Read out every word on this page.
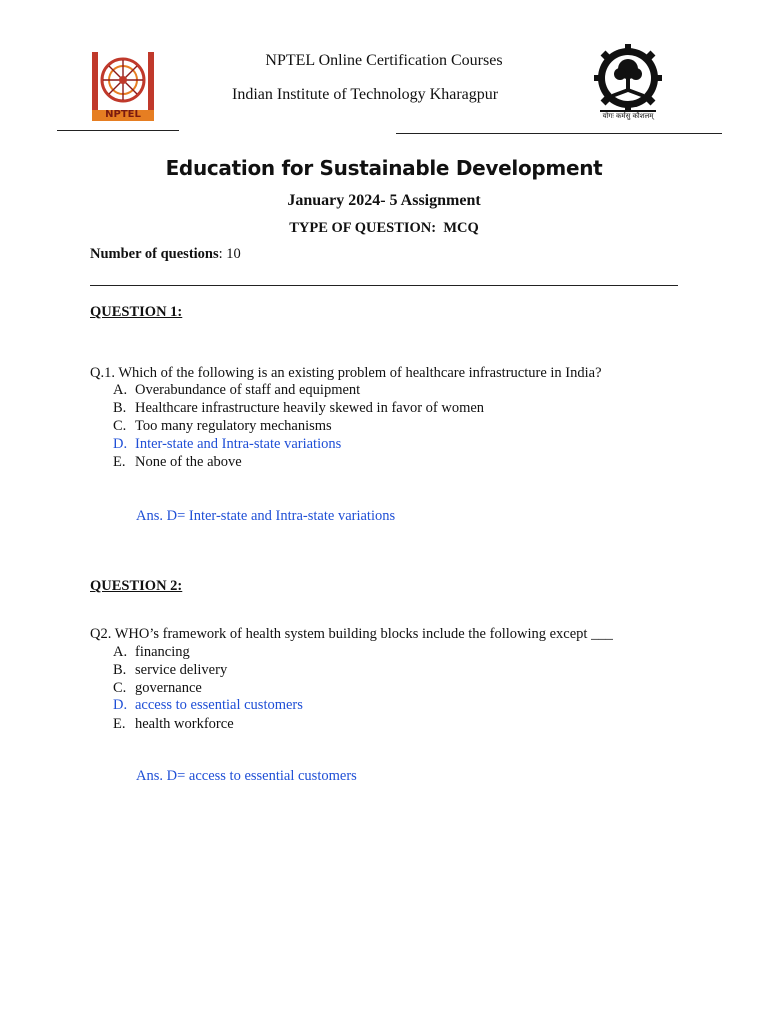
NPTEL
NPTEL Online Certification Courses
Indian Institute of Technology Kharagpur
योगः कर्मसु कौशलम्
Education for Sustainable Development
January 2024- 5 Assignment
TYPE OF QUESTION:  MCQ
Number of questions: 10
QUESTION 1:
Q.1. Which of the following is an existing problem of healthcare infrastructure in India?
A. Overabundance of staff and equipment
B. Healthcare infrastructure heavily skewed in favor of women
C. Too many regulatory mechanisms
D. Inter-state and Intra-state variations
E. None of the above
Ans. D= Inter-state and Intra-state variations
QUESTION 2:
Q2. WHO’s framework of health system building blocks include the following except ___
A. financing
B. service delivery
C. governance
D. access to essential customers
E. health workforce
Ans. D= access to essential customers
